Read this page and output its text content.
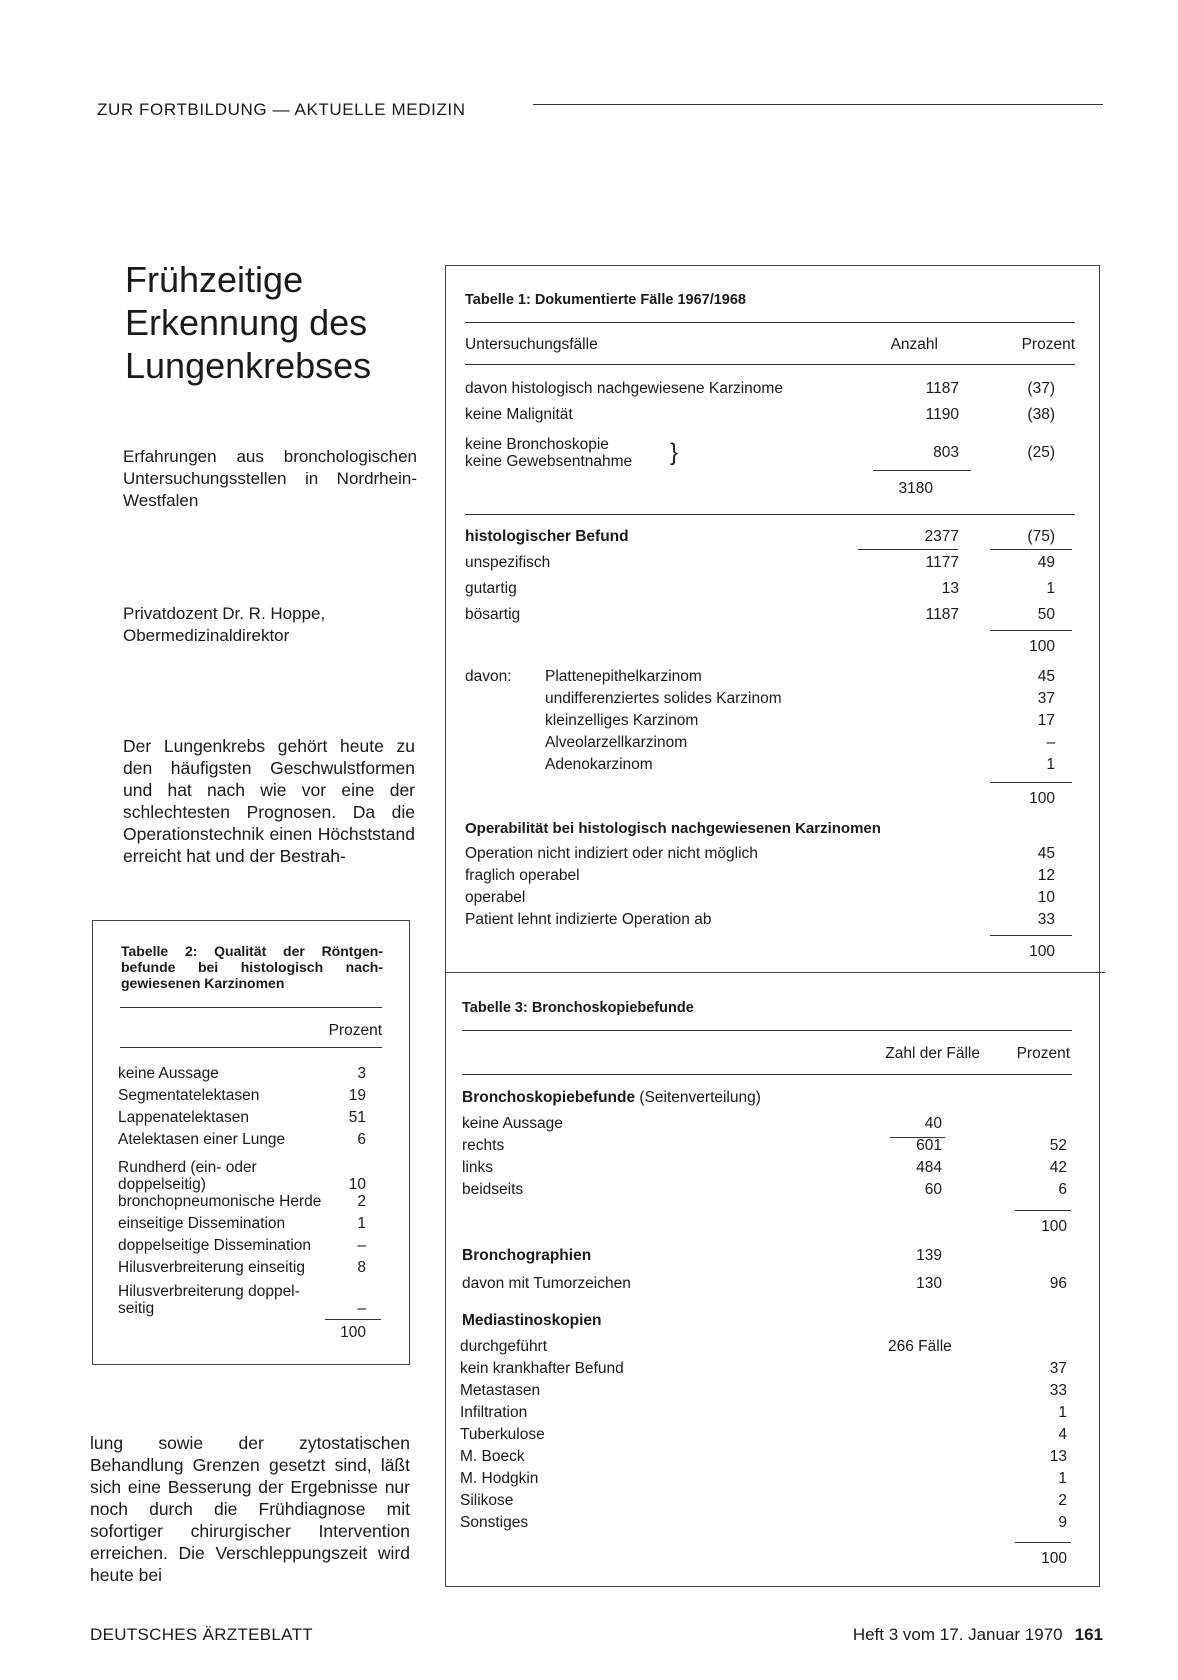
ZUR FORTBILDUNG — AKTUELLE MEDIZIN
Frühzeitige
Erkennung des
Lungenkrebses
Erfahrungen aus bronchologischen Untersuchungsstellen in Nordrhein-Westfalen
Privatdozent Dr. R. Hoppe,
Obermedizinaldirektor
Der Lungenkrebs gehört heute zu den häufigsten Geschwulstformen und hat nach wie vor eine der schlechtesten Prognosen. Da die Operationstechnik einen Höchststand erreicht hat und der Bestrah-
lung sowie der zytostatischen Behandlung Grenzen gesetzt sind, läßt sich eine Besserung der Ergebnisse nur noch durch die Frühdiagnose mit sofortiger chirurgischer Intervention erreichen. Die Verschleppungszeit wird heute bei
Tabelle 2: Qualität der Röntgen-
befunde bei histologisch nach-
gewiesenen Karzinomen
Prozent
keine Aussage	3
Segmentatelektasen	19
Lappenatelektasen	51
Atelektasen einer Lunge	6
Rundherd (ein- oder
doppelseitig)	10
bronchopneumonische Herde 2
einseitige Dissemination	1
doppelseitige Dissemination	–
Hilusverbreiterung einseitig	8
Hilusverbreiterung doppel-
seitig	–
100
Tabelle 1: Dokumentierte Fälle 1967/1968
Untersuchungsfälle	Anzahl	Prozent
davon histologisch nachgewiesene Karzinome	1187	(37)
keine Malignität	1190	(38)
keine Bronchoskopie
keine Gewebsentnahme	}	803	(25)
3180
histologischer Befund	2377	(75)
unspezifisch	1177	49
gutartig	13	1
bösartig	1187	50
100
davon: Plattenepithelkarzinom	45
undifferenziertes solides Karzinom	37
kleinzelliges Karzinom	17
Alveolarzellkarzinom	–
Adenokarzinom	1
100
Operabilität bei histologisch nachgewiesenen Karzinomen
Operation nicht indiziert oder nicht möglich	45
fraglich operabel	12
operabel	10
Patient lehnt indizierte Operation ab	33
100
Tabelle 3: Bronchoskopiebefunde
Zahl der Fälle	Prozent
Bronchoskopiebefunde (Seitenverteilung)
keine Aussage	40
rechts	601	52
links	484	42
beidseits	60	6
100
Bronchographien	139
davon mit Tumorzeichen	130	96
Mediastinoskopien
durchgeführt	266 Fälle
kein krankhafter Befund	37
Metastasen	33
Infiltration	1
Tuberkulose	4
M. Boeck	13
M. Hodgkin	1
Silikose	2
Sonstiges	9
100
DEUTSCHES ÄRZTEBLATT	Heft 3 vom 17. Januar 1970 161
